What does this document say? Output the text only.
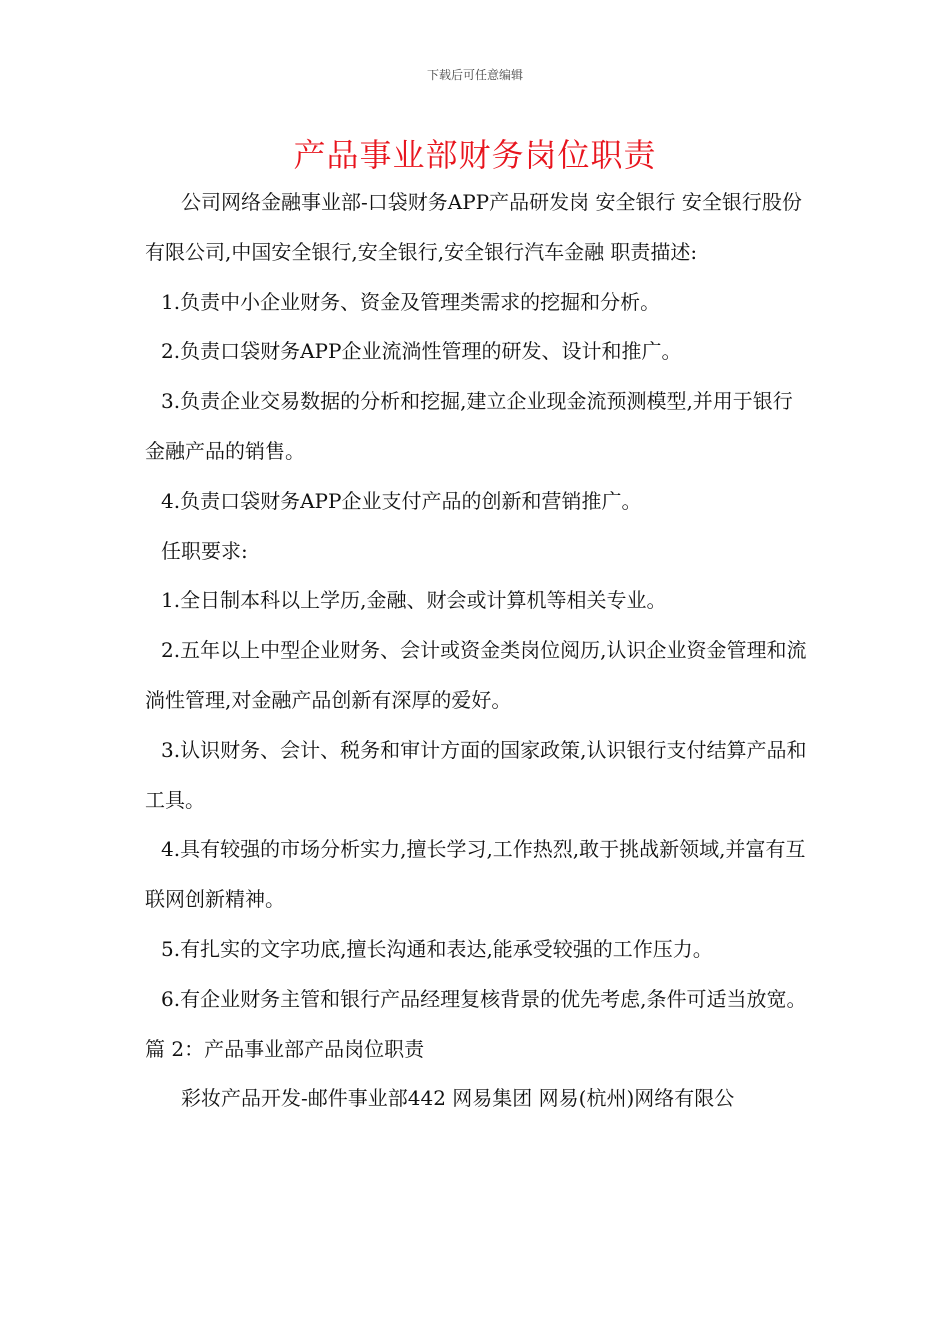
下载后可任意编辑
产品事业部财务岗位职责

公司网络金融事业部-口袋财务APP产品研发岗 安全银行 安全银行股份有限公司,中国安全银行,安全银行,安全银行汽车金融 职责描述:

1.负责中小企业财务、资金及管理类需求的挖掘和分析。

2.负责口袋财务APP企业流淌性管理的研发、设计和推广。

3.负责企业交易数据的分析和挖掘,建立企业现金流预测模型,并用于银行金融产品的销售。

4.负责口袋财务APP企业支付产品的创新和营销推广。

任职要求:

1.全日制本科以上学历,金融、财会或计算机等相关专业。

2.五年以上中型企业财务、会计或资金类岗位阅历,认识企业资金管理和流淌性管理,对金融产品创新有深厚的爱好。

3.认识财务、会计、税务和审计方面的国家政策,认识银行支付结算产品和工具。

4.具有较强的市场分析实力,擅长学习,工作热烈,敢于挑战新领域,并富有互联网创新精神。

5.有扎实的文字功底,擅长沟通和表达,能承受较强的工作压力。

6.有企业财务主管和银行产品经理复核背景的优先考虑,条件可适当放宽。

篇 2：产品事业部产品岗位职责

彩妆产品开发-邮件事业部442 网易集团 网易(杭州)网络有限公
